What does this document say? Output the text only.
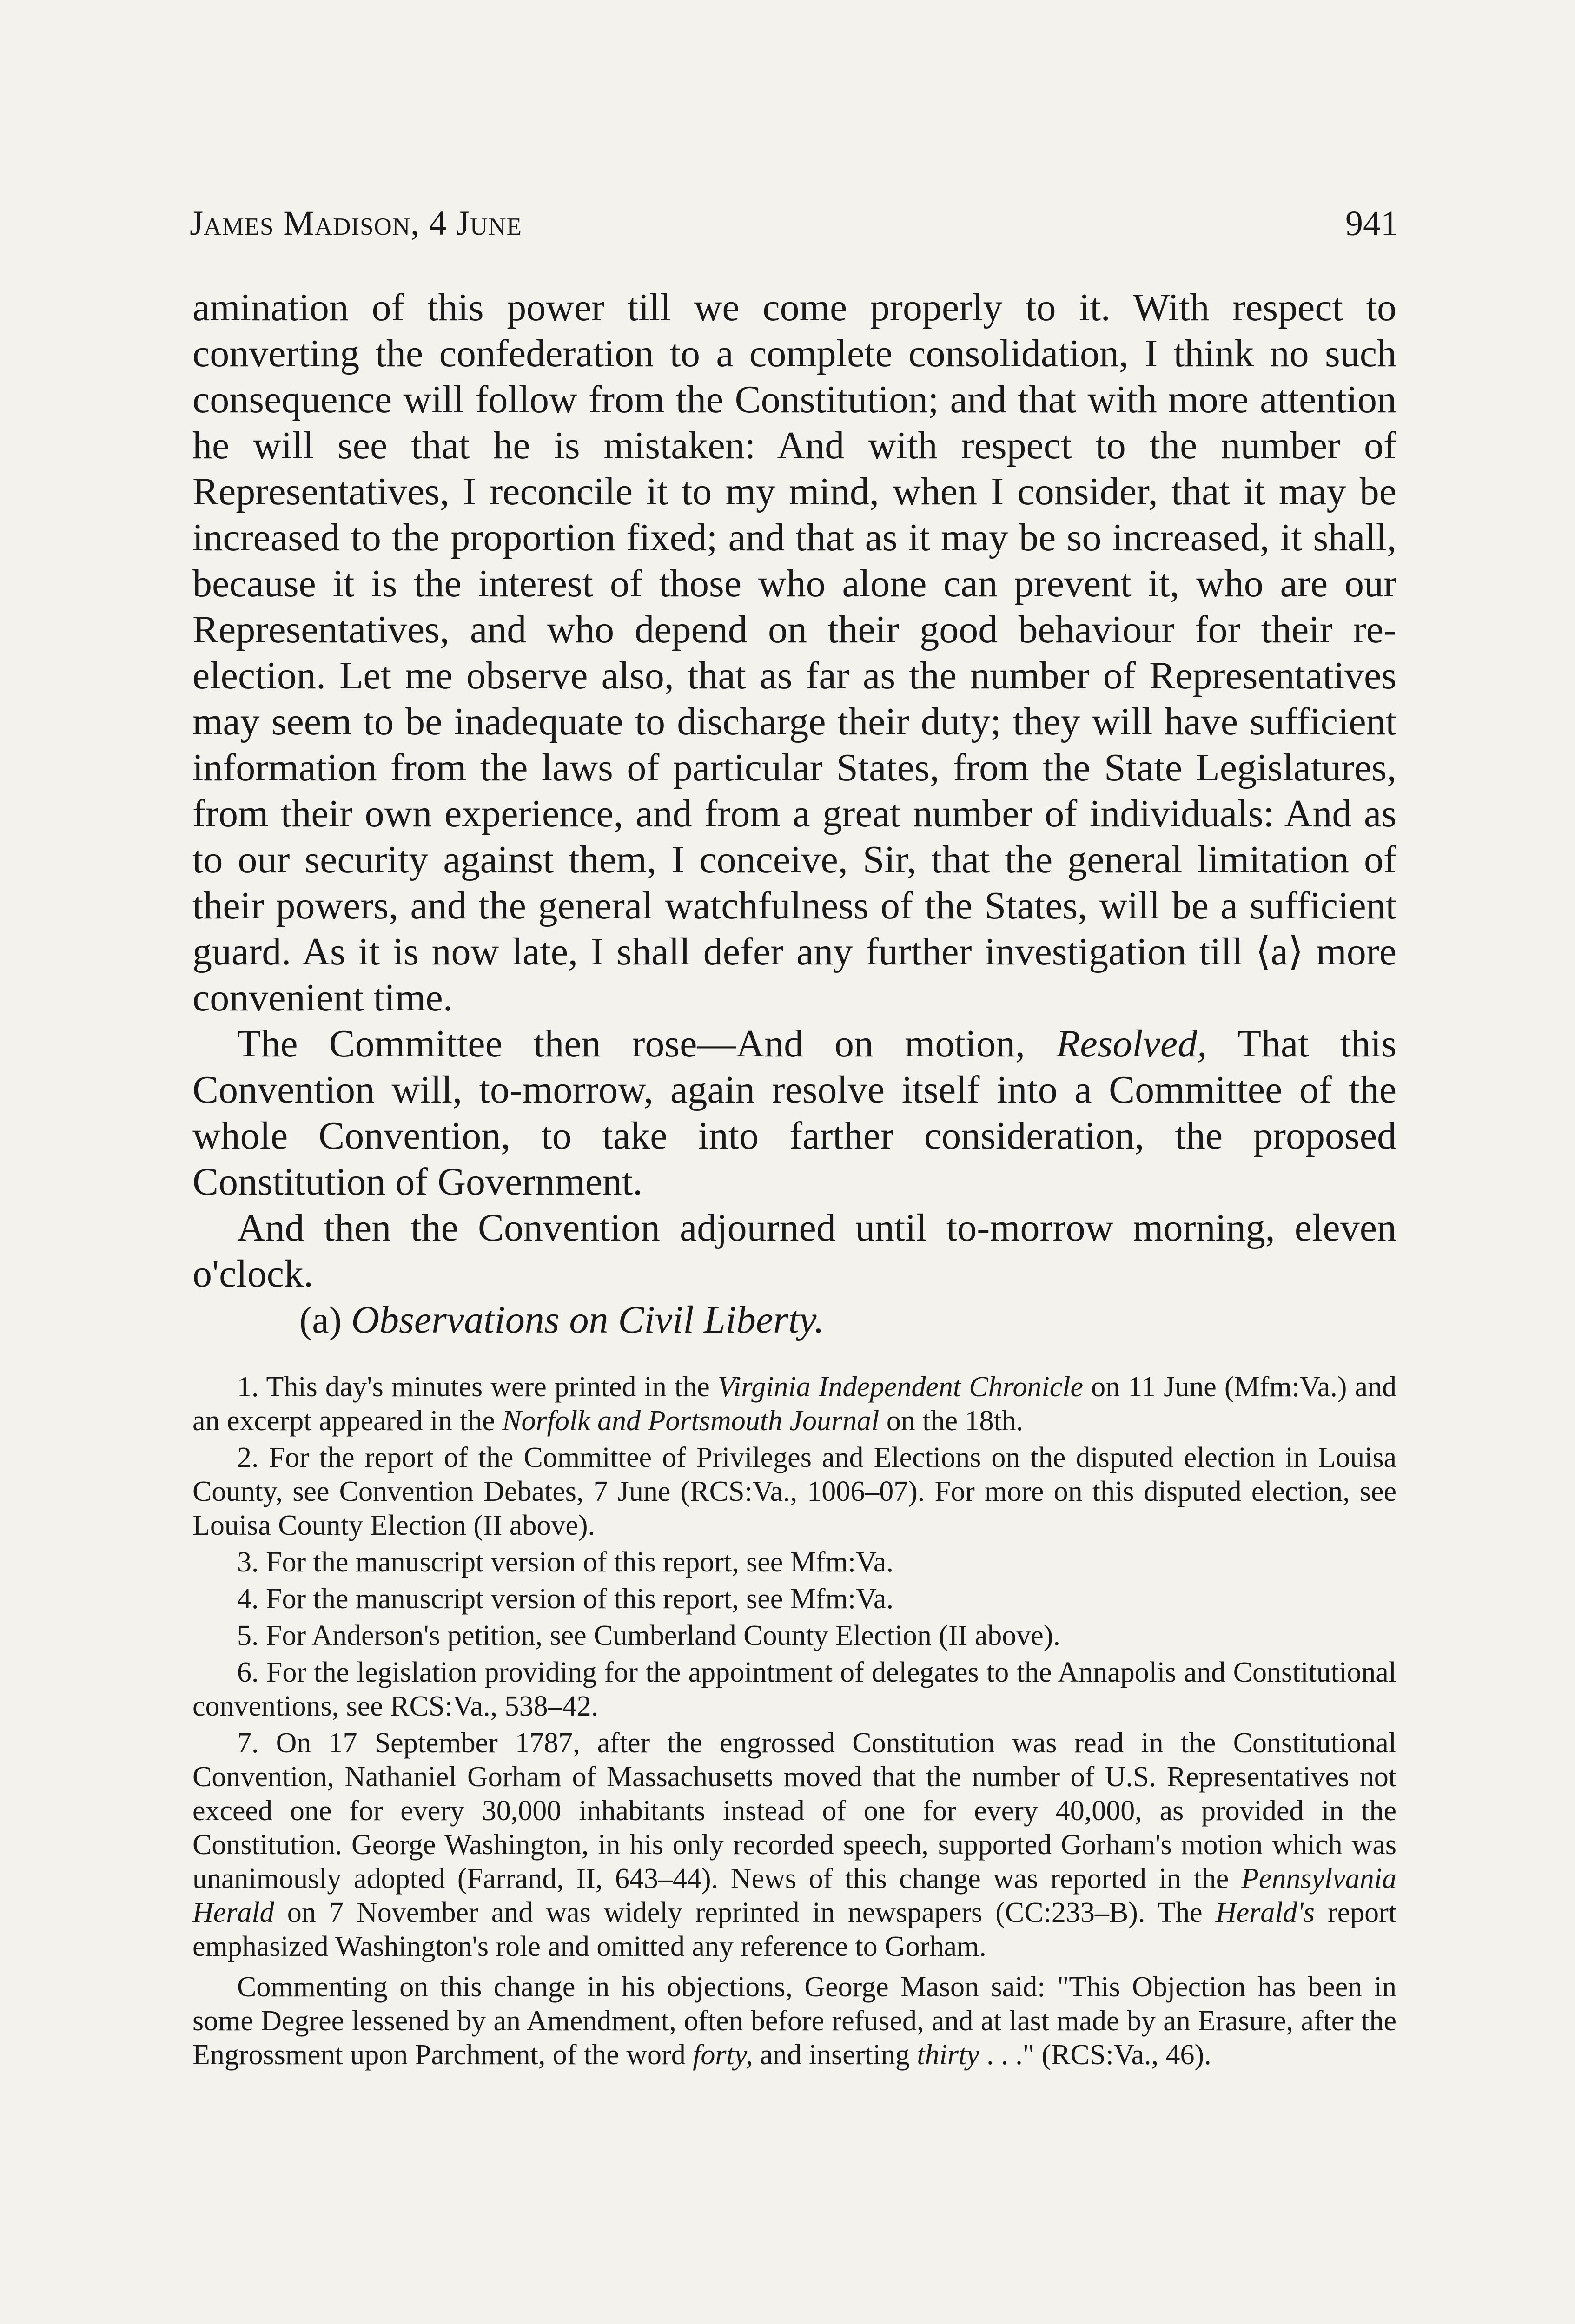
James Madison, 4 June	941

amination of this power till we come properly to it. With respect to converting the confederation to a complete consolidation, I think no such consequence will follow from the Constitution; and that with more attention he will see that he is mistaken: And with respect to the number of Representatives, I reconcile it to my mind, when I consider, that it may be increased to the proportion fixed; and that as it may be so increased, it shall, because it is the interest of those who alone can prevent it, who are our Representatives, and who depend on their good behaviour for their re-election. Let me observe also, that as far as the number of Representatives may seem to be inadequate to discharge their duty; they will have sufficient information from the laws of particular States, from the State Legislatures, from their own experience, and from a great number of individuals: And as to our security against them, I conceive, Sir, that the general limitation of their powers, and the general watchfulness of the States, will be a sufficient guard. As it is now late, I shall defer any further investigation till ⟨a⟩ more convenient time.

The Committee then rose—And on motion, Resolved, That this Convention will, to-morrow, again resolve itself into a Committee of the whole Convention, to take into farther consideration, the proposed Constitution of Government.

And then the Convention adjourned until to-morrow morning, eleven o'clock.

(a) Observations on Civil Liberty.

1. This day's minutes were printed in the Virginia Independent Chronicle on 11 June (Mfm:Va.) and an excerpt appeared in the Norfolk and Portsmouth Journal on the 18th.

2. For the report of the Committee of Privileges and Elections on the disputed election in Louisa County, see Convention Debates, 7 June (RCS:Va., 1006–07). For more on this disputed election, see Louisa County Election (II above).

3. For the manuscript version of this report, see Mfm:Va.

4. For the manuscript version of this report, see Mfm:Va.

5. For Anderson's petition, see Cumberland County Election (II above).

6. For the legislation providing for the appointment of delegates to the Annapolis and Constitutional conventions, see RCS:Va., 538–42.

7. On 17 September 1787, after the engrossed Constitution was read in the Constitutional Convention, Nathaniel Gorham of Massachusetts moved that the number of U.S. Representatives not exceed one for every 30,000 inhabitants instead of one for every 40,000, as provided in the Constitution. George Washington, in his only recorded speech, supported Gorham's motion which was unanimously adopted (Farrand, II, 643–44). News of this change was reported in the Pennsylvania Herald on 7 November and was widely reprinted in newspapers (CC:233–B). The Herald's report emphasized Washington's role and omitted any reference to Gorham.

Commenting on this change in his objections, George Mason said: "This Objection has been in some Degree lessened by an Amendment, often before refused, and at last made by an Erasure, after the Engrossment upon Parchment, of the word forty, and inserting thirty . . ." (RCS:Va., 46).
